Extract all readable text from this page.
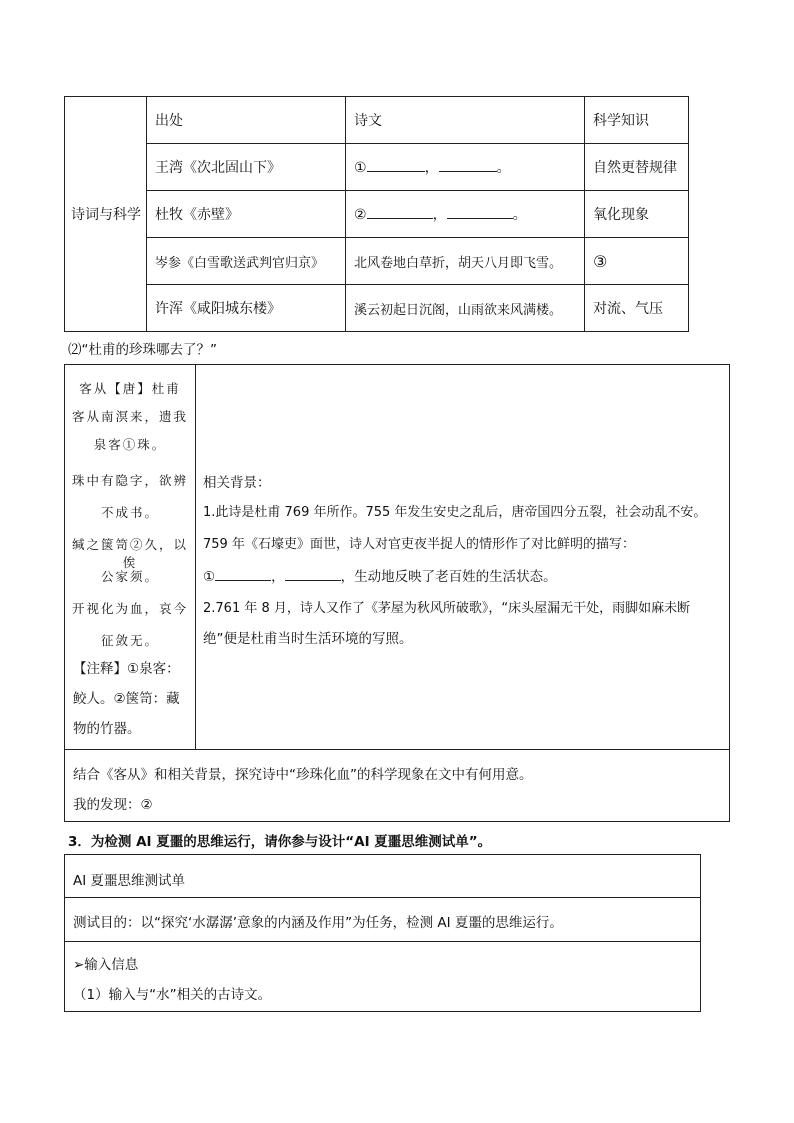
诗词与科学	出处	诗文	科学知识
	王湾《次北固山下》	① ， 。	自然更替规律
	杜牧《赤壁》	② ， 。	氧化现象
	岑参《白雪歌送武判官归京》	北风卷地白草折，胡天八月即飞雪。	③
	许浑《咸阳城东楼》	溪云初起日沉阁，山雨欲来风满楼。	对流、气压
⑵“杜甫的珍珠哪去了？”
客从【唐】杜甫
客从南溟来，遗我
泉客①珠。
珠中有隐字，欲辨
不成书。
缄之箧笥②久，以俟
公家须。
开视化为血，哀今
征敛无。
【注释】①泉客：
鲛人。②箧笥：藏
物的竹器。
相关背景：
1.此诗是杜甫 769 年所作。755 年发生安史之乱后，唐帝国四分五裂，社会动乱不安。
759 年《石壕吏》面世，诗人对官吏夜半捉人的情形作了对比鲜明的描写：
①	，	，生动地反映了老百姓的生活状态。
2.761 年 8 月，诗人又作了《茅屋为秋风所破歌》，“床头屋漏无干处，雨脚如麻未断
绝”便是杜甫当时生活环境的写照。
结合《客从》和相关背景，探究诗中“珍珠化血”的科学现象在文中有何用意。
我的发现：②
3．为检测 AI 夏噩的思维运行，请你参与设计“AI 夏噩思维测试单”。
AI 夏噩思维测试单
测试目的：以“探究‘水潺潺’意象的内涵及作用”为任务，检测 AI 夏噩的思维运行。
➢输入信息
（1）输入与“水”相关的古诗文。
